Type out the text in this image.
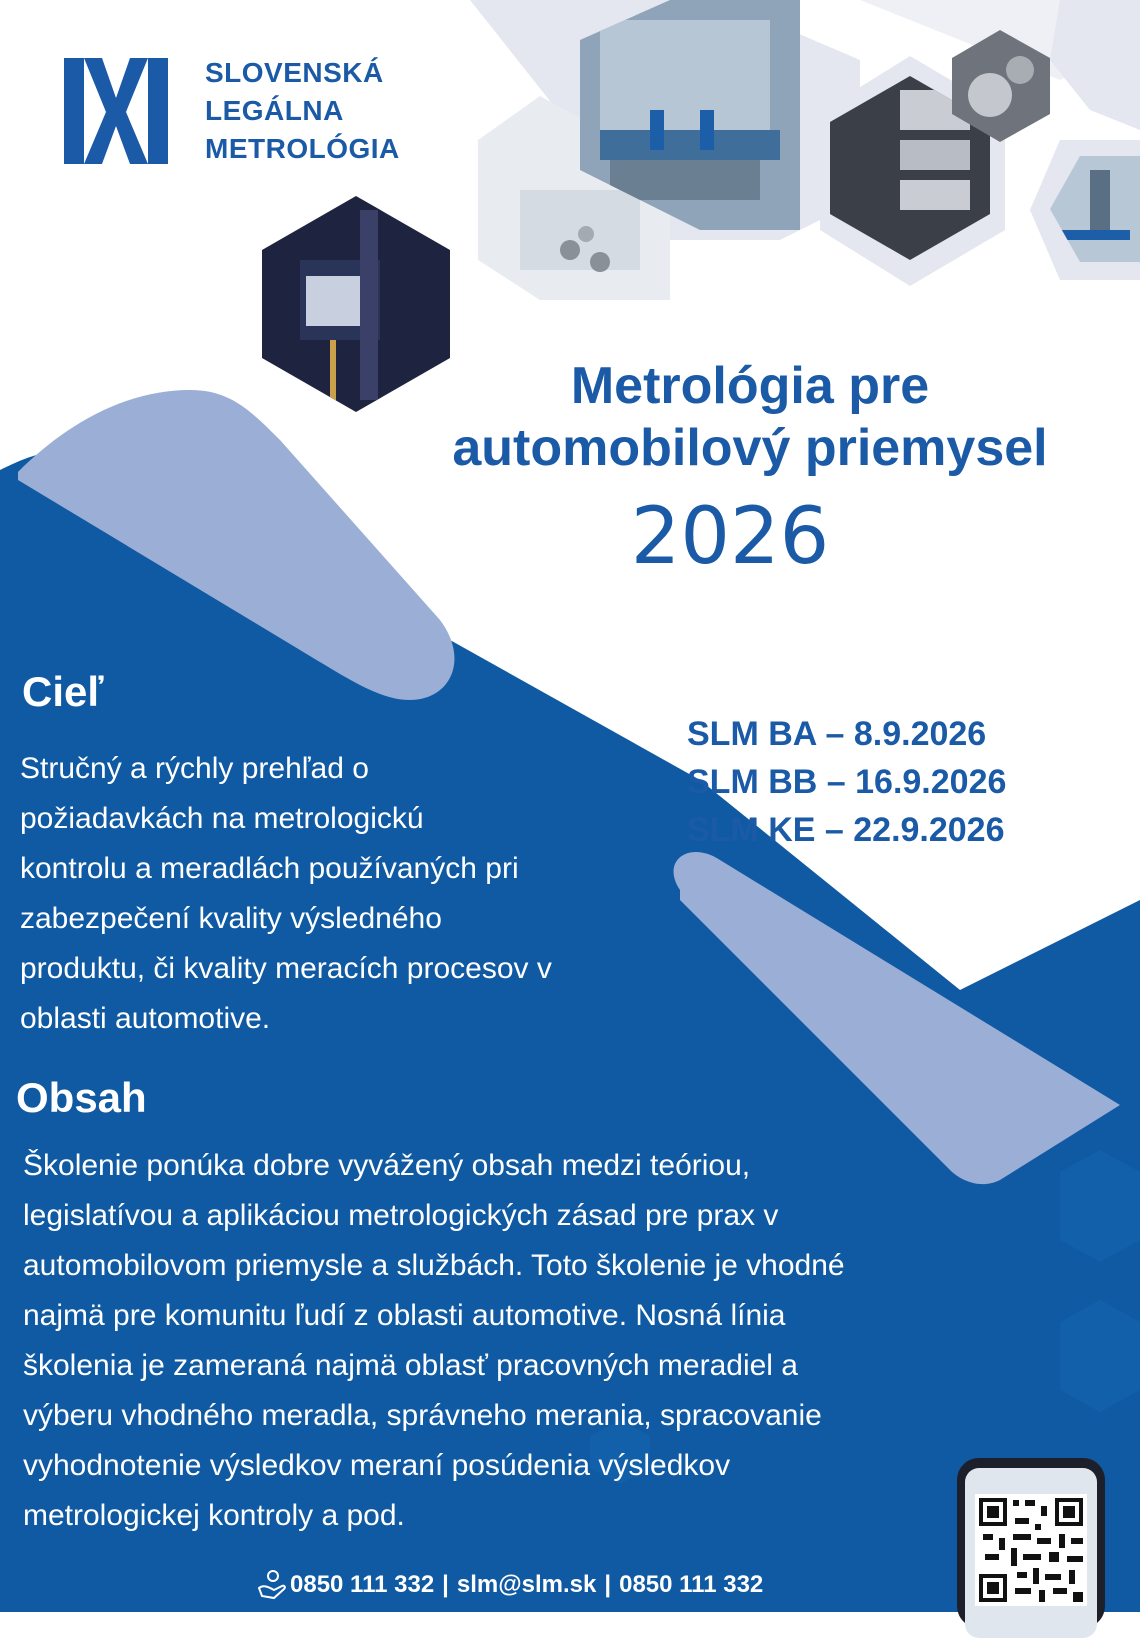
SLOVENSKÁ
LEGÁLNA
METROLÓGIA
Metrológia pre
automobilový priemysel
2026
SLM BA – 8.9.2026
SLM BB – 16.9.2026
SLM KE – 22.9.2026
Cieľ
Stručný a rýchly prehľad o
požiadavkách na metrologickú
kontrolu a meradlách používaných pri
zabezpečení kvality výsledného
produktu, či kvality meracích procesov v
oblasti automotive.
Obsah
Školenie ponúka dobre vyvážený obsah medzi teóriou,
legislatívou a aplikáciou metrologických zásad pre prax v
automobilovom priemysle a službách. Toto školenie je vhodné
najmä pre komunitu ľudí z oblasti automotive. Nosná línia
školenia je zameraná najmä oblasť pracovných meradiel a
výberu vhodného meradla, správneho merania, spracovanie
vyhodnotenie výsledkov meraní posúdenia výsledkov
metrologickej kontroly a pod.
0850 111 332 | slm@slm.sk | 0850 111 332
